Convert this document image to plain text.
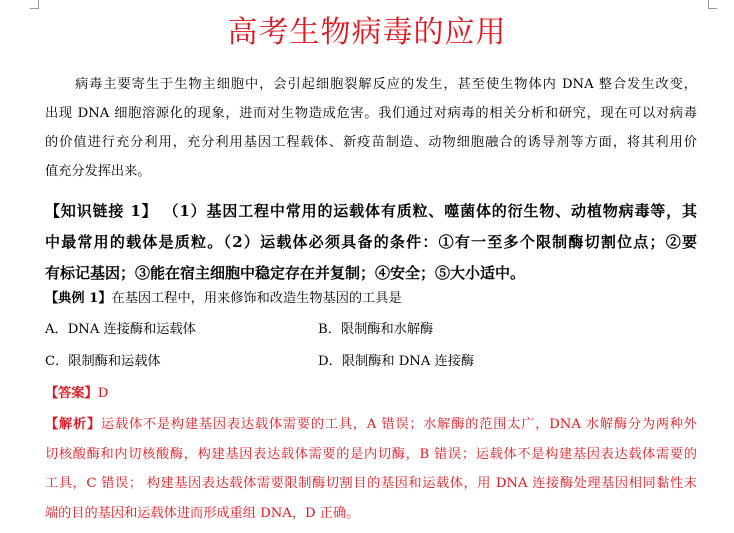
高考生物病毒的应用

病毒主要寄生于生物主细胞中，会引起细胞裂解反应的发生，甚至使生物体内 DNA 整合发生改变，

出现 DNA 细胞溶源化的现象，进而对生物造成危害。我们通过对病毒的相关分析和研究，现在可以对病毒

的价值进行充分利用，充分利用基因工程载体、新疫苗制造、动物细胞融合的诱导剂等方面，将其利用价

值充分发挥出来。

【知识链接 1】 （1）基因工程中常用的运载体有质粒、噬菌体的衍生物、动植物病毒等，其

中最常用的载体是质粒。（2）运载体必须具备的条件：①有一至多个限制酶切割位点；②要

有标记基因；③能在宿主细胞中稳定存在并复制；④安全；⑤大小适中。

【典例 1】在基因工程中，用来修饰和改造生物基因的工具是
A．DNA 连接酶和运载体	B．限制酶和水解酶
C．限制酶和运载体	D．限制酶和 DNA 连接酶
【答案】D

【解析】运载体不是构建基因表达载体需要的工具，A 错误；水解酶的范围太广，DNA 水解酶分为两种外

切核酸酶和内切核酸酶，构建基因表达载体需要的是内切酶，B 错误；运载体不是构建基因表达载体需要的

工具，C 错误； 构建基因表达载体需要限制酶切割目的基因和运载体，用 DNA 连接酶处理基因相同黏性末

端的目的基因和运载体进而形成重组 DNA，D 正确。
